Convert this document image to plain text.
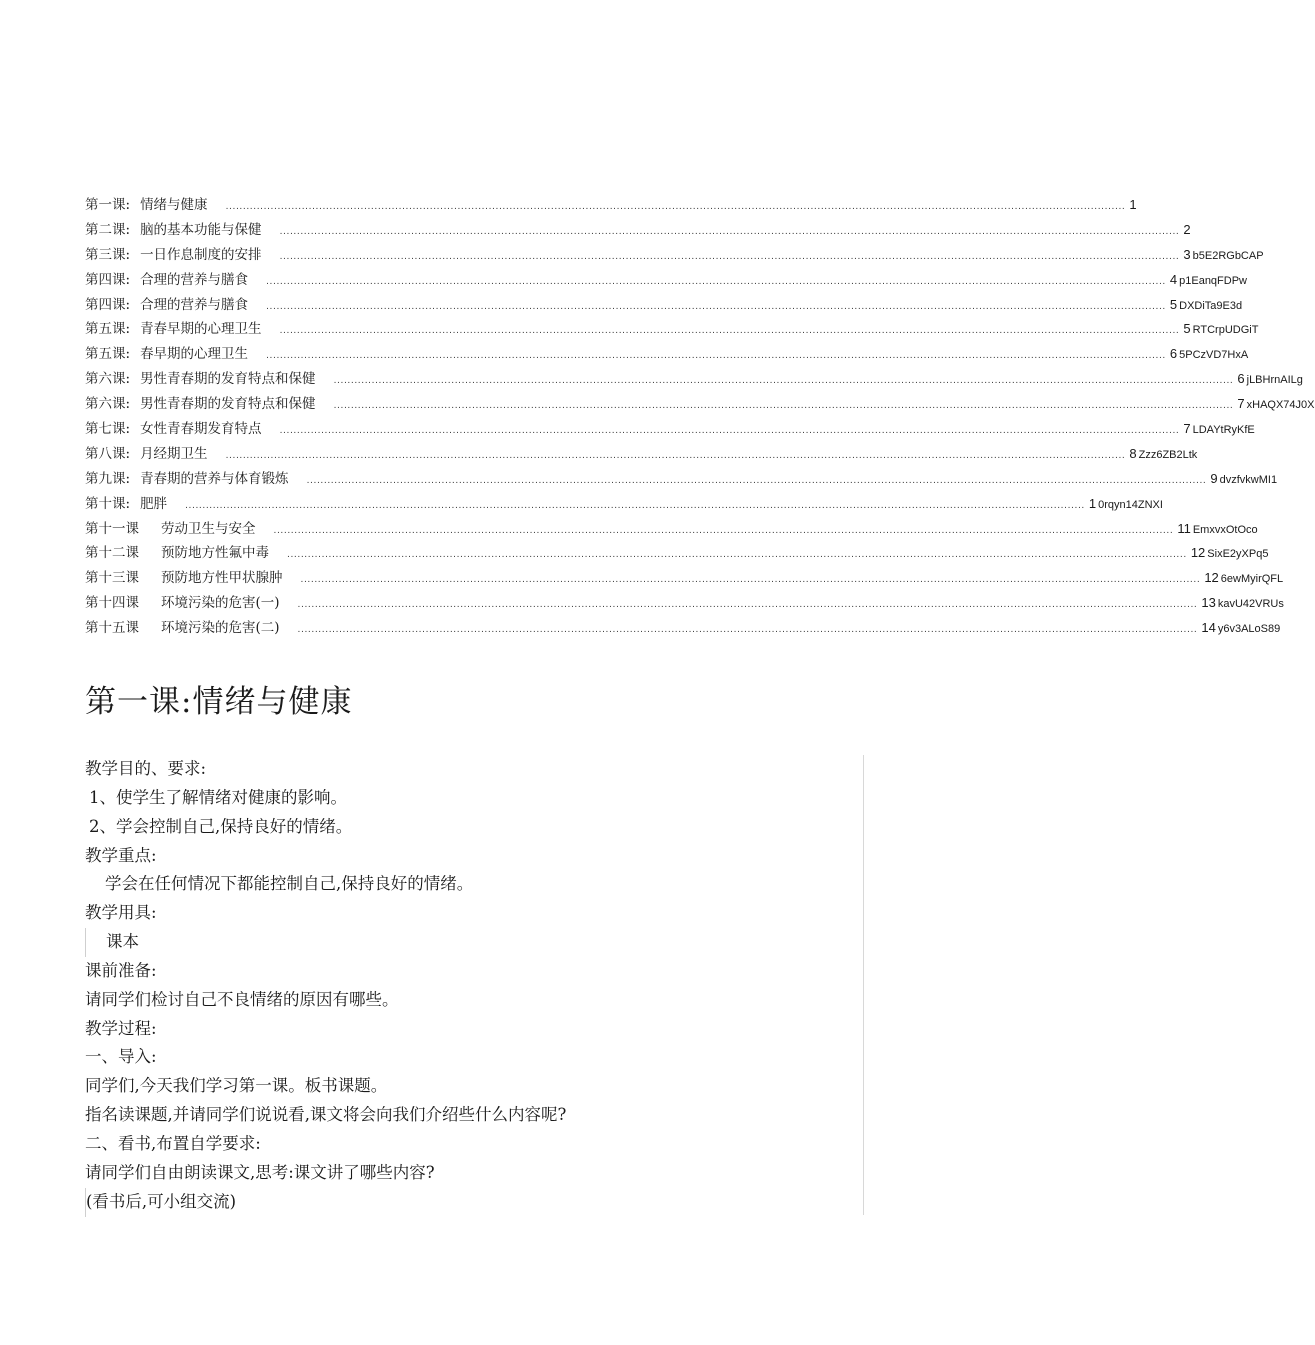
第一课: 情绪与健康 .................................................................................................................................................................................................................................................................... 1
第二课: 脑的基本功能与保健 .................................................................................................................................................................................................................................................................... 2
第三课: 一日作息制度的安排 .................................................................................................................................................................................................................................................................... 3 b5E2RGbCAP
第四课: 合理的营养与膳食 .................................................................................................................................................................................................................................................................... 4 p1EanqFDPw
第四课: 合理的营养与膳食 .................................................................................................................................................................................................................................................................... 5 DXDiTa9E3d
第五课: 青春早期的心理卫生 .................................................................................................................................................................................................................................................................... 5 RTCrpUDGiT
第五课: 春早期的心理卫生 .................................................................................................................................................................................................................................................................... 6 5PCzVD7HxA
第六课: 男性青春期的发育特点和保健 .................................................................................................................................................................................................................................................................... 6 jLBHrnAILg
第六课: 男性青春期的发育特点和保健 .................................................................................................................................................................................................................................................................... 7 xHAQX74J0X
第七课: 女性青春期发育特点 .................................................................................................................................................................................................................................................................... 7 LDAYtRyKfE
第八课: 月经期卫生 .................................................................................................................................................................................................................................................................... 8 Zzz6ZB2Ltk
第九课: 青春期的营养与体育锻炼 .................................................................................................................................................................................................................................................................... 9 dvzfvkwMI1
第十课: 肥胖 .................................................................................................................................................................................................................................................................... 1 0rqyn14ZNXI
第十一课	劳动卫生与安全 .................................................................................................................................................................................................................................................................... 11 EmxvxOtOco
第十二课	预防地方性氟中毒 .................................................................................................................................................................................................................................................................... 12 SixE2yXPq5
第十三课	预防地方性甲状腺肿 .................................................................................................................................................................................................................................................................... 12 6ewMyirQFL
第十四课	环境污染的危害(一) .................................................................................................................................................................................................................................................................... 13 kavU42VRUs
第十五课	环境污染的危害(二) .................................................................................................................................................................................................................................................................... 14 y6v3ALoS89
第一课:情绪与健康
教学目的、要求:
1、使学生了解情绪对健康的影响。
2、学会控制自己,保持良好的情绪。
教学重点:
学会在任何情况下都能控制自己,保持良好的情绪。
教学用具:
课本
课前准备:
请同学们检讨自己不良情绪的原因有哪些。
教学过程:
一、导入:
同学们,今天我们学习第一课。板书课题。
指名读课题,并请同学们说说看,课文将会向我们介绍些什么内容呢?
二、看书,布置自学要求:
请同学们自由朗读课文,思考:课文讲了哪些内容?
(看书后,可小组交流)
